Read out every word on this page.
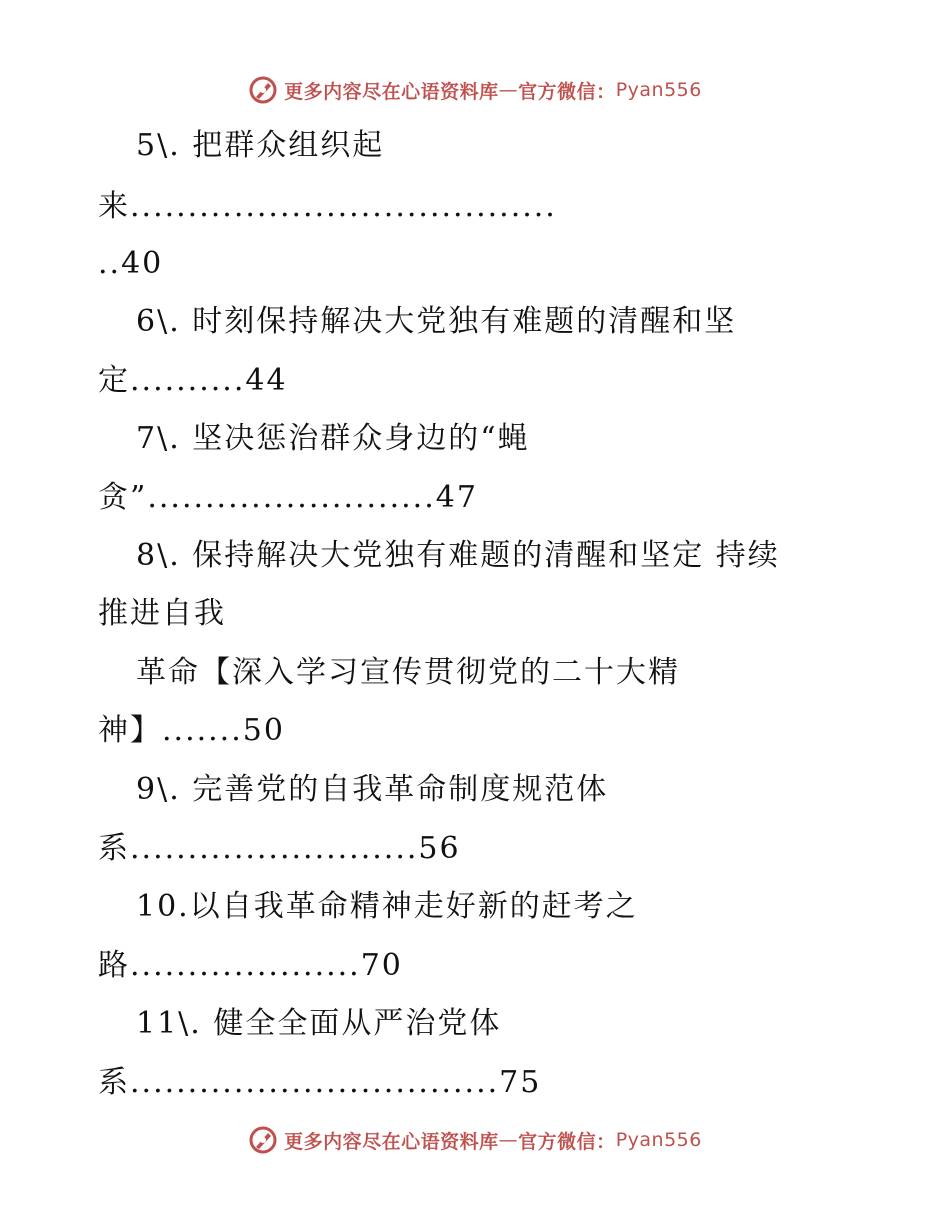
更多内容尽在心语资料库 — 官方微信： Pyan556
5\. 把群众组织起
来.....................................
..40
6\. 时刻保持解决大党独有难题的清醒和坚
定..........44
7\. 坚决惩治群众身边的“蝇
贪”.........................47
8\. 保持解决大党独有难题的清醒和坚定 持续
推进自我
革命【深入学习宣传贯彻党的二十大精
神】.......50
9\. 完善党的自我革命制度规范体
系.........................56
10.以自我革命精神走好新的赶考之
路....................70
11\. 健全全面从严治党体
系................................75
更多内容尽在心语资料库 — 官方微信： Pyan556
